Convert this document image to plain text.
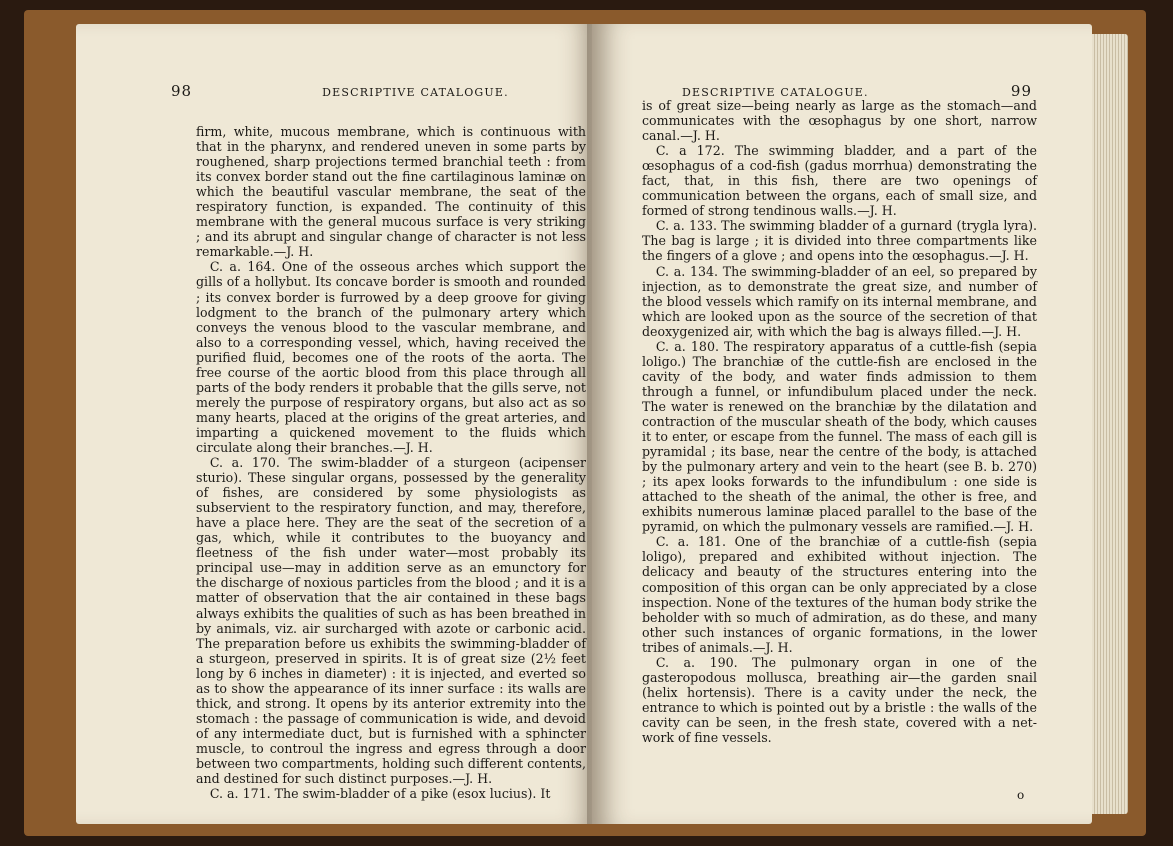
98	DESCRIPTIVE CATALOGUE.

firm, white, mucous membrane, which is continuous with that in the pharynx, and rendered uneven in some parts by roughened, sharp projections termed branchial teeth : from its convex border stand out the fine cartilaginous laminæ on which the beautiful vascular membrane, the seat of the respiratory function, is expanded. The continuity of this membrane with the general mucous surface is very striking ; and its abrupt and singular change of character is not less remarkable.—J. H.

C. a. 164. One of the osseous arches which support the gills of a hollybut. Its concave border is smooth and rounded ; its convex border is furrowed by a deep groove for giving lodgment to the branch of the pulmonary artery which conveys the venous blood to the vascular membrane, and also to a corresponding vessel, which, having received the purified fluid, becomes one of the roots of the aorta. The free course of the aortic blood from this place through all parts of the body renders it probable that the gills serve, not merely the purpose of respiratory organs, but also act as so many hearts, placed at the origins of the great arteries, and imparting a quickened movement to the fluids which circulate along their branches.—J. H.

C. a. 170. The swim-bladder of a sturgeon (acipenser sturio). These singular organs, possessed by the generality of fishes, are considered by some physiologists as subservient to the respiratory function, and may, therefore, have a place here. They are the seat of the secretion of a gas, which, while it contributes to the buoyancy and fleetness of the fish under water—most probably its principal use—may in addition serve as an emunctory for the discharge of noxious particles from the blood ; and it is a matter of observation that the air contained in these bags always exhibits the qualities of such as has been breathed in by animals, viz. air surcharged with azote or carbonic acid. The preparation before us exhibits the swimming-bladder of a sturgeon, preserved in spirits. It is of great size (2½ feet long by 6 inches in diameter) : it is injected, and everted so as to show the appearance of its inner surface : its walls are thick, and strong. It opens by its anterior extremity into the stomach : the passage of communication is wide, and devoid of any intermediate duct, but is furnished with a sphincter muscle, to controul the ingress and egress through a door between two compartments, holding such different contents, and destined for such distinct purposes.—J. H.

C. a. 171. The swim-bladder of a pike (esox lucius). It

DESCRIPTIVE CATALOGUE.	99

is of great size—being nearly as large as the stomach—and communicates with the œsophagus by one short, narrow canal.—J. H.

C. a 172. The swimming bladder, and a part of the œsophagus of a cod-fish (gadus morrhua) demonstrating the fact, that, in this fish, there are two openings of communication between the organs, each of small size, and formed of strong tendinous walls.—J. H.

C. a. 133. The swimming bladder of a gurnard (trygla lyra). The bag is large ; it is divided into three compartments like the fingers of a glove ; and opens into the œsophagus.—J. H.

C. a. 134. The swimming-bladder of an eel, so prepared by injection, as to demonstrate the great size, and number of the blood vessels which ramify on its internal membrane, and which are looked upon as the source of the secretion of that deoxygenized air, with which the bag is always filled.—J. H.

C. a. 180. The respiratory apparatus of a cuttle-fish (sepia loligo.) The branchiæ of the cuttle-fish are enclosed in the cavity of the body, and water finds admission to them through a funnel, or infundibulum placed under the neck. The water is renewed on the branchiæ by the dilatation and contraction of the muscular sheath of the body, which causes it to enter, or escape from the funnel. The mass of each gill is pyramidal ; its base, near the centre of the body, is attached by the pulmonary artery and vein to the heart (see B. b. 270) ; its apex looks forwards to the infundibulum : one side is attached to the sheath of the animal, the other is free, and exhibits numerous laminæ placed parallel to the base of the pyramid, on which the pulmonary vessels are ramified.—J. H.

C. a. 181. One of the branchiæ of a cuttle-fish (sepia loligo), prepared and exhibited without injection. The delicacy and beauty of the structures entering into the composition of this organ can be only appreciated by a close inspection. None of the textures of the human body strike the beholder with so much of admiration, as do these, and many other such instances of organic formations, in the lower tribes of animals.—J. H.

C. a. 190. The pulmonary organ in one of the gasteropodous mollusca, breathing air—the garden snail (helix hortensis). There is a cavity under the neck, the entrance to which is pointed out by a bristle : the walls of the cavity can be seen, in the fresh state, covered with a net-work of fine vessels.

o
